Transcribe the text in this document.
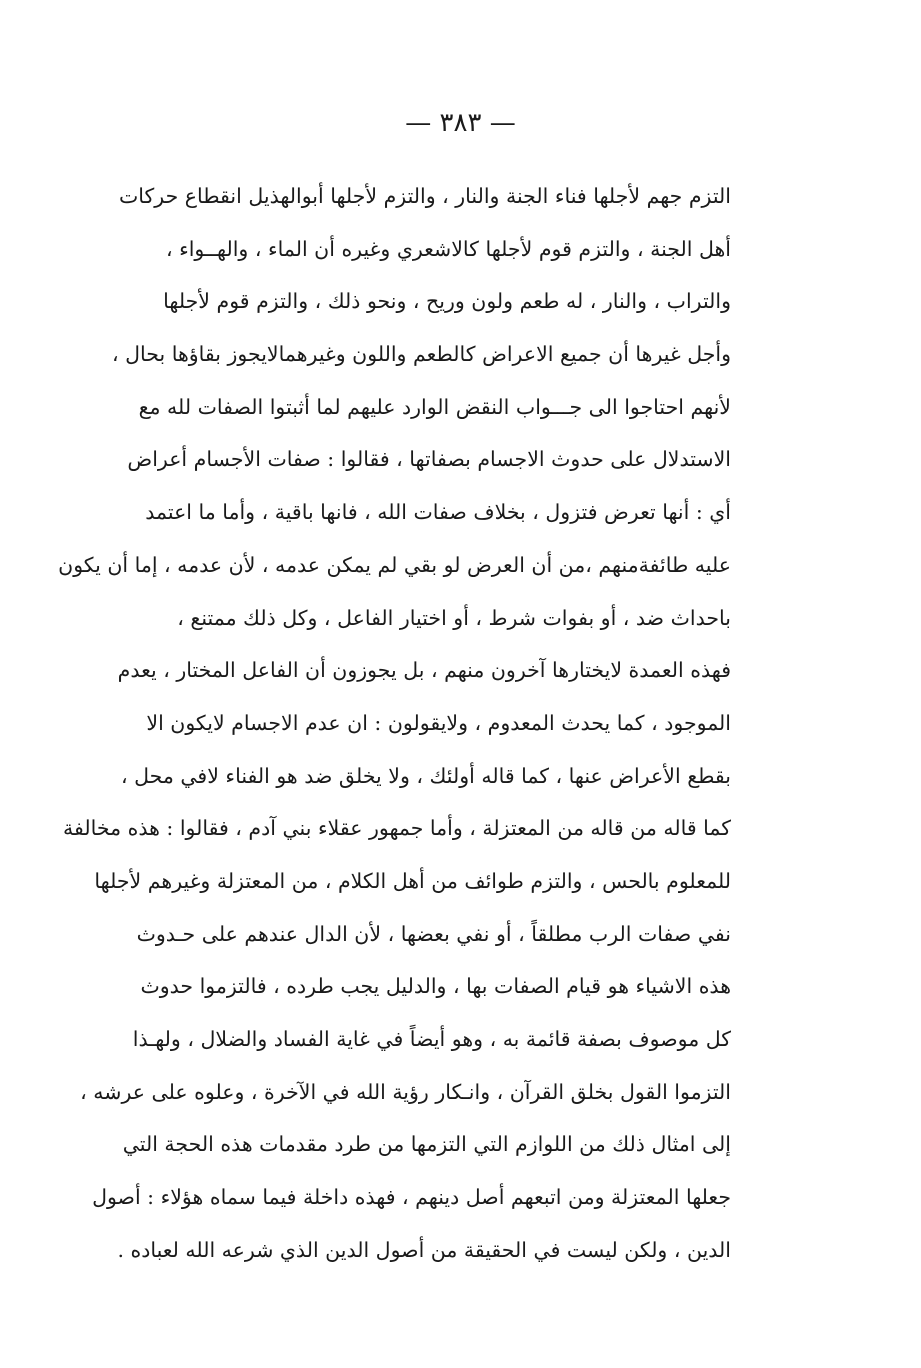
— ٣٨٣ —
التزم جهم لأجلها فناء الجنة والنار ، والتزم لأجلها أبوالهذيل انقطاع حركات
أهل الجنة ، والتزم قوم لأجلها كالاشعري وغيره أن الماء ، والهــواء ،
والتراب ، والنار ، له طعم ولون وريح ، ونحو ذلك ، والتزم قوم لأجلها
وأجل غيرها أن جميع الاعراض كالطعم واللون وغيرهمالايجوز بقاؤها بحال ،
لأنهم احتاجوا الى جـــواب النقض الوارد عليهم لما أثبتوا الصفات لله مع
الاستدلال على حدوث الاجسام بصفاتها ، فقالوا : صفات الأجسام أعراض
أي : أنها تعرض فتزول ، بخلاف صفات الله ، فانها باقية ، وأما ما اعتمد
عليه طائفةمنهم ،من أن العرض لو بقي لم يمكن عدمه ، لأن عدمه ، إما أن يكون
باحداث ضد ، أو بفوات شرط ، أو اختيار الفاعل ، وكل ذلك ممتنع ،
فهذه العمدة لايختارها آخرون منهم ، بل يجوزون أن الفاعل المختار ، يعدم
الموجود ، كما يحدث المعدوم ، ولايقولون : ان عدم الاجسام لايكون الا
بقطع الأعراض عنها ، كما قاله أولئك ، ولا يخلق ضد هو الفناء لافي محل ،
كما قاله من قاله من المعتزلة ، وأما جمهور عقلاء بني آدم ، فقالوا : هذه مخالفة
للمعلوم بالحس ، والتزم طوائف من أهل الكلام ، من المعتزلة وغيرهم لأجلها
نفي صفات الرب مطلقاً ، أو نفي بعضها ، لأن الدال عندهم على حـدوث
هذه الاشياء هو قيام الصفات بها ، والدليل يجب طرده ، فالتزموا حدوث
كل موصوف بصفة قائمة به ، وهو أيضاً في غاية الفساد والضلال ، ولهـذا
التزموا القول بخلق القرآن ، وانـكار رؤية الله في الآخرة ، وعلوه على عرشه ،
إلى امثال ذلك من اللوازم التي التزمها من طرد مقدمات هذه الحجة التي
جعلها المعتزلة ومن اتبعهم أصل دينهم ، فهذه داخلة فيما سماه هؤلاء : أصول
الدين ، ولكن ليست في الحقيقة من أصول الدين الذي شرعه الله لعباده .
